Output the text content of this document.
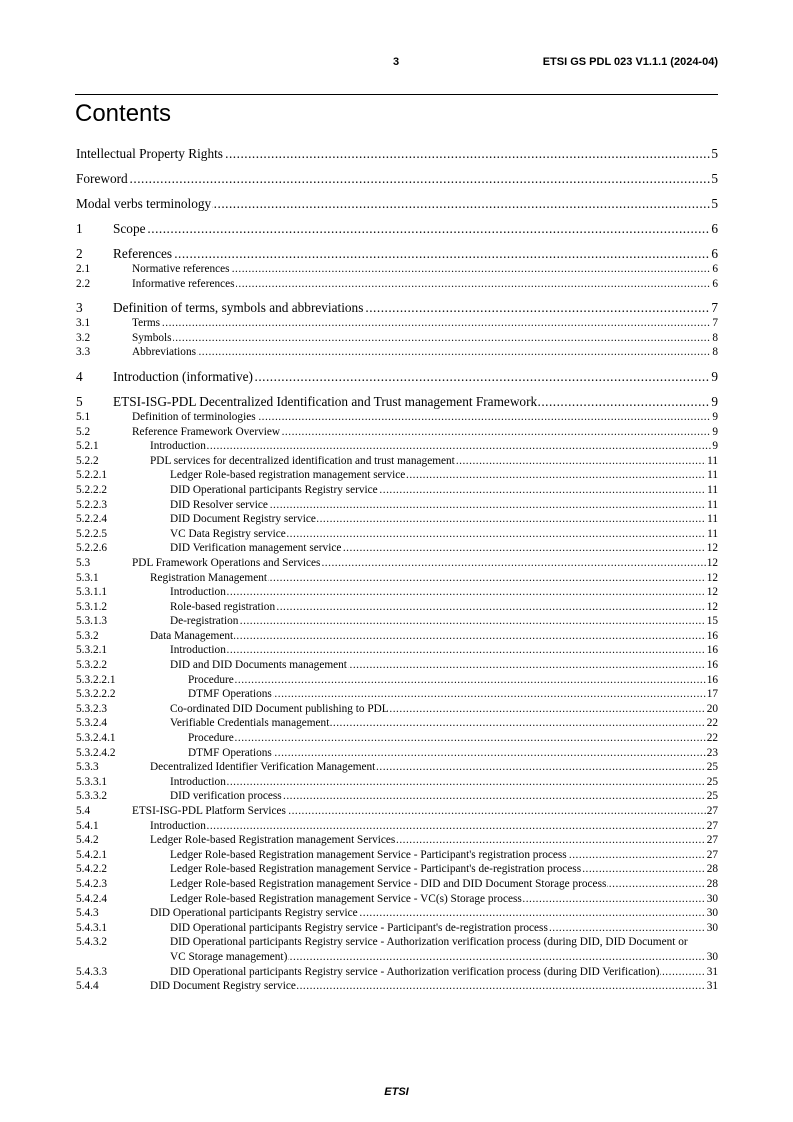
3	ETSI GS PDL 023 V1.1.1 (2024-04)
Contents
Intellectual Property Rights	5
.....
Foreword	5
.....
Modal verbs terminology	5
.....
1	Scope	6
.....
2	References	6
.....
2.1	Normative references	6
.....
2.2	Informative references	6
.....
3	Definition of terms, symbols and abbreviations	7
.....
3.1	Terms	7
.....
3.2	Symbols	8
.....
3.3	Abbreviations	8
.....
4	Introduction (informative)	9
.....
5	ETSI-ISG-PDL Decentralized Identification and Trust management Framework	9
.....
5.1	Definition of terminologies	9
.....
5.2	Reference Framework Overview	9
.....
5.2.1	Introduction	9
.....
5.2.2	PDL services for decentralized identification and trust management	11
.....
5.2.2.1	Ledger Role-based registration management service	11
.....
5.2.2.2	DID Operational participants Registry service	11
.....
5.2.2.3	DID Resolver service	11
.....
5.2.2.4	DID Document Registry service	11
.....
5.2.2.5	VC Data Registry service	11
.....
5.2.2.6	DID Verification management service	12
.....
5.3	PDL Framework Operations and Services	12
.....
5.3.1	Registration Management	12
.....
5.3.1.1	Introduction	12
.....
5.3.1.2	Role-based registration	12
.....
5.3.1.3	De-registration	15
.....
5.3.2	Data Management	16
.....
5.3.2.1	Introduction	16
.....
5.3.2.2	DID and DID Documents management	16
.....
5.3.2.2.1	Procedure	16
.....
5.3.2.2.2	DTMF Operations	17
.....
5.3.2.3	Co-ordinated DID Document publishing to PDL	20
.....
5.3.2.4	Verifiable Credentials management	22
.....
5.3.2.4.1	Procedure	22
.....
5.3.2.4.2	DTMF Operations	23
.....
5.3.3	Decentralized Identifier Verification Management	25
.....
5.3.3.1	Introduction	25
.....
5.3.3.2	DID verification process	25
.....
5.4	ETSI-ISG-PDL Platform Services	27
.....
5.4.1	Introduction	27
.....
5.4.2	Ledger Role-based Registration management Services	27
.....
5.4.2.1	Ledger Role-based Registration management Service - Participant's registration process	27
.....
5.4.2.2	Ledger Role-based Registration management Service - Participant's de-registration process	28
.....
5.4.2.3	Ledger Role-based Registration management Service - DID and DID Document Storage process	28
.....
5.4.2.4	Ledger Role-based Registration management Service - VC(s) Storage process	30
.....
5.4.3	DID Operational participants Registry service	30
.....
5.4.3.1	DID Operational participants Registry service - Participant's de-registration process	30
.....
5.4.3.2	DID Operational participants Registry service - Authorization verification process (during DID, DID Document or VC Storage management)	30
.....
5.4.3.3	DID Operational participants Registry service - Authorization verification process (during DID Verification)	31
.....
5.4.4	DID Document Registry service	31
.....
ETSI
